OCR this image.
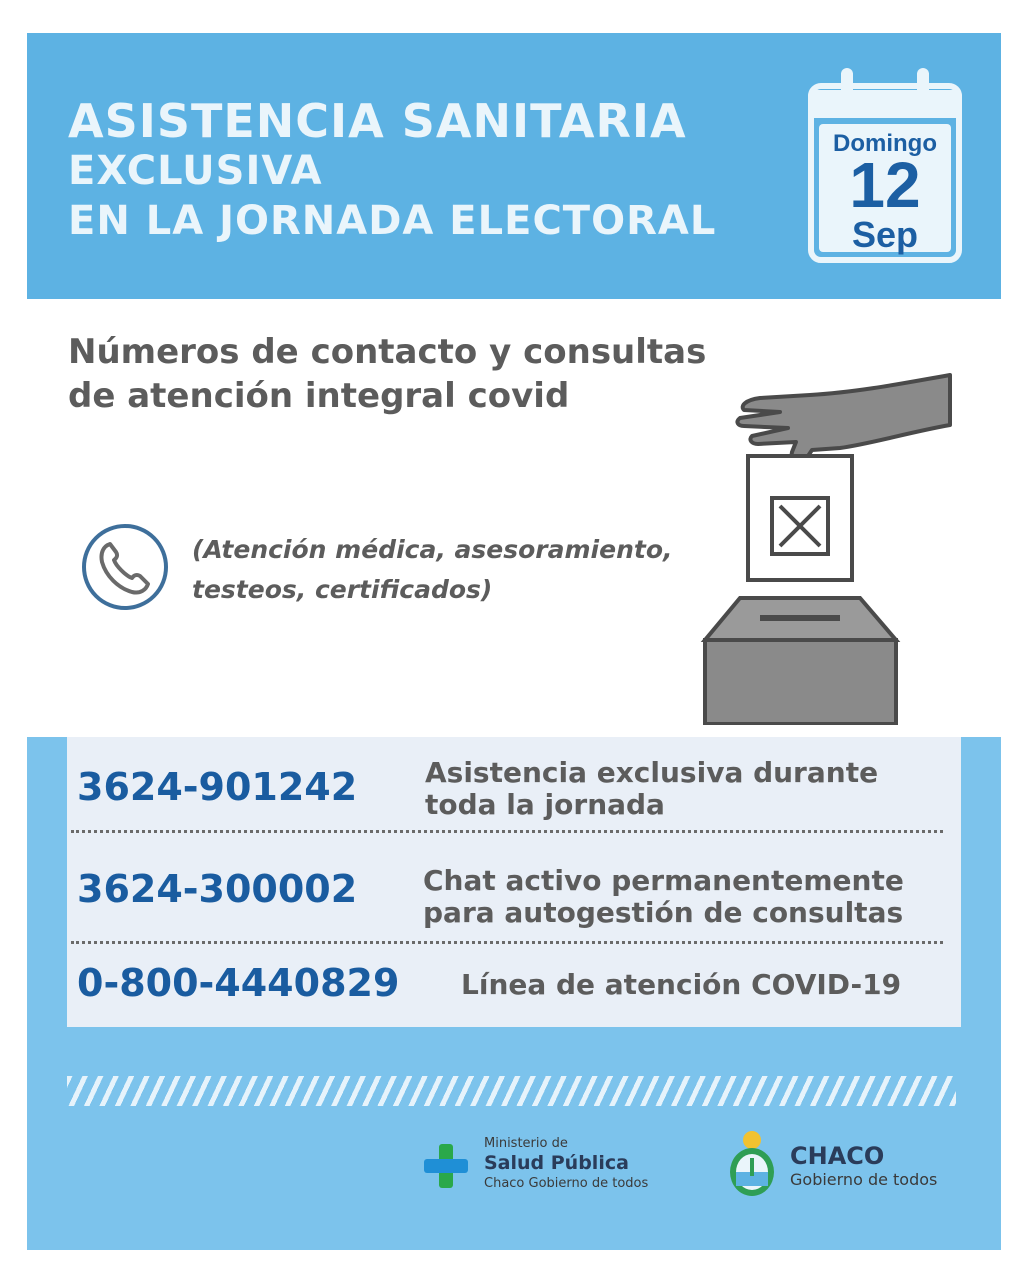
ASISTENCIA SANITARIA
EXCLUSIVA
EN LA JORNADA ELECTORAL
Domingo
12
Sep
Números de contacto y consultas
de atención integral covid
(Atención médica, asesoramiento,
testeos, certificados)
3624-901242 Asistencia exclusiva durante
toda la jornada
3624-300002 Chat activo permanentemente
para autogestión de consultas
0-800-4440829 Línea de atención COVID-19
Ministerio de
Salud Pública
Chaco Gobierno de todos
CHACO
Gobierno de todos
